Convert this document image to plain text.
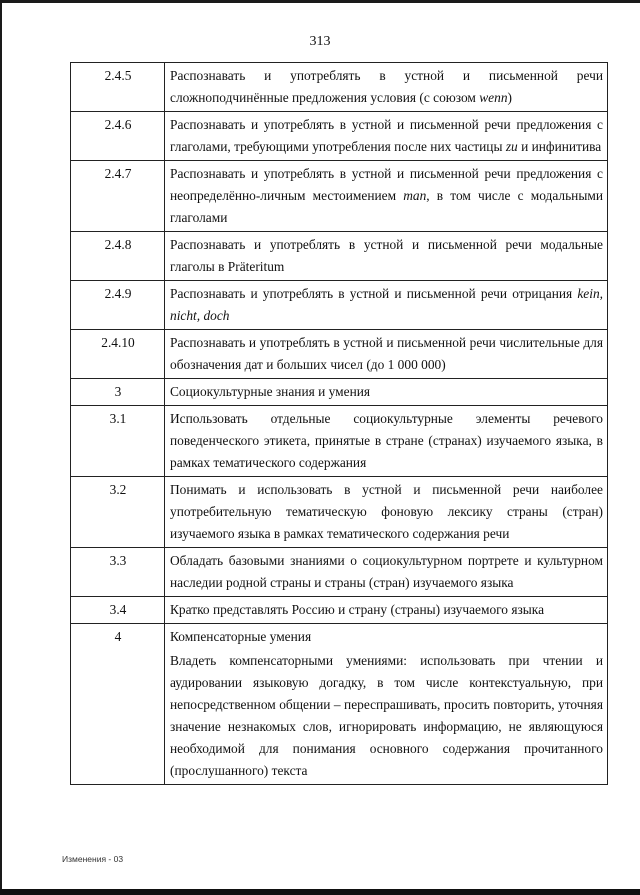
313
2.4.5	Распознавать и употреблять в устной и письменной речи сложноподчинённые предложения условия (с союзом wenn)
2.4.6	Распознавать и употреблять в устной и письменной речи предложения с глаголами, требующими употребления после них частицы zu и инфинитива
2.4.7	Распознавать и употреблять в устной и письменной речи предложения с неопределённо-личным местоимением man, в том числе с модальными глаголами
2.4.8	Распознавать и употреблять в устной и письменной речи модальные глаголы в Präteritum
2.4.9	Распознавать и употреблять в устной и письменной речи отрицания kein, nicht, doch
2.4.10	Распознавать и употреблять в устной и письменной речи числительные для обозначения дат и больших чисел (до 1 000 000)
3	Социокультурные знания и умения
3.1	Использовать отдельные социокультурные элементы речевого поведенческого этикета, принятые в стране (странах) изучаемого языка, в рамках тематического содержания
3.2	Понимать и использовать в устной и письменной речи наиболее употребительную тематическую фоновую лексику страны (стран) изучаемого языка в рамках тематического содержания речи
3.3	Обладать базовыми знаниями о социокультурном портрете и культурном наследии родной страны и страны (стран) изучаемого языка
3.4	Кратко представлять Россию и страну (страны) изучаемого языка
4	Компенсаторные умения
Владеть компенсаторными умениями: использовать при чтении и аудировании языковую догадку, в том числе контекстуальную, при непосредственном общении – переспрашивать, просить повторить, уточняя значение незнакомых слов, игнорировать информацию, не являющуюся необходимой для понимания основного содержания прочитанного (прослушанного) текста
Изменения - 03
